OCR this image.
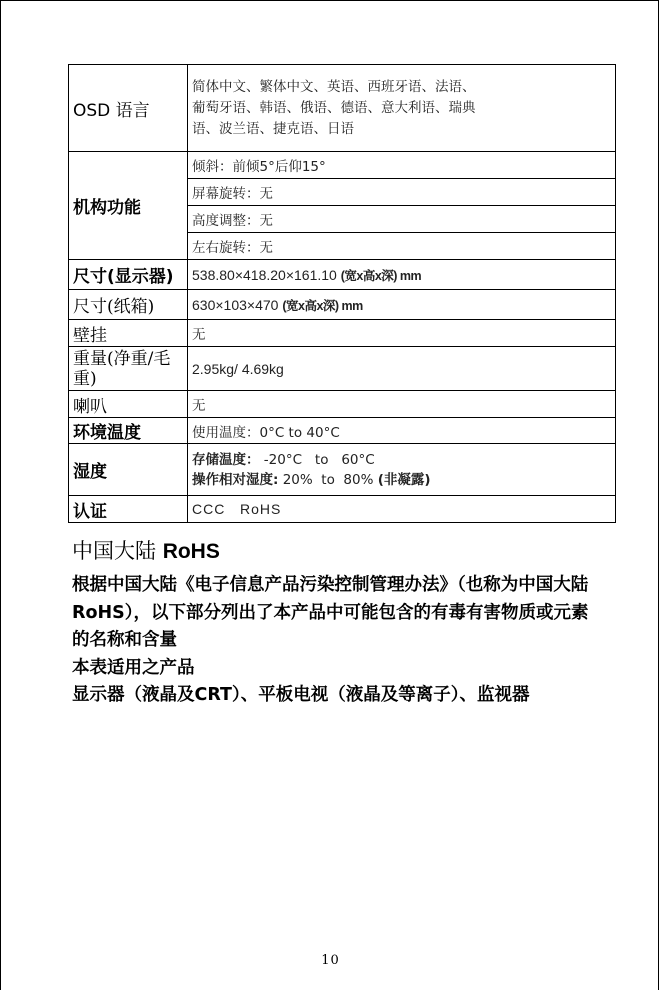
OSD 语言	简体中文、繁体中文、英语、西班牙语、法语、
葡萄牙语、韩语、俄语、德语、意大利语、瑞典
语、波兰语、捷克语、日语

机构功能	倾斜：前倾5°后仰15°
	屏幕旋转：无
	高度调整：无
	左右旋转：无
尺寸(显示器)	538.80×418.20×161.10 (宽x高x深) mm
尺寸(纸箱)	630×103×470 (宽x高x深) mm
壁挂	无
重量(净重/毛重)	2.95kg/ 4.69kg
喇叭	无
环境温度	使用温度：0°C to 40°C
湿度	存储温度： -20°C   to   60°C
操作相对湿度: 20%  to  80% (非凝露)

认证	CCC   RoHS
中国大陆 RoHS

根据中国大陆《电子信息产品污染控制管理办法》（也称为中国大陆RoHS），以下部分列出了本产品中可能包含的有毒有害物质或元素的名称和含量

本表适用之产品

显示器（液晶及CRT）、平板电视（液晶及等离子）、监视器

10
